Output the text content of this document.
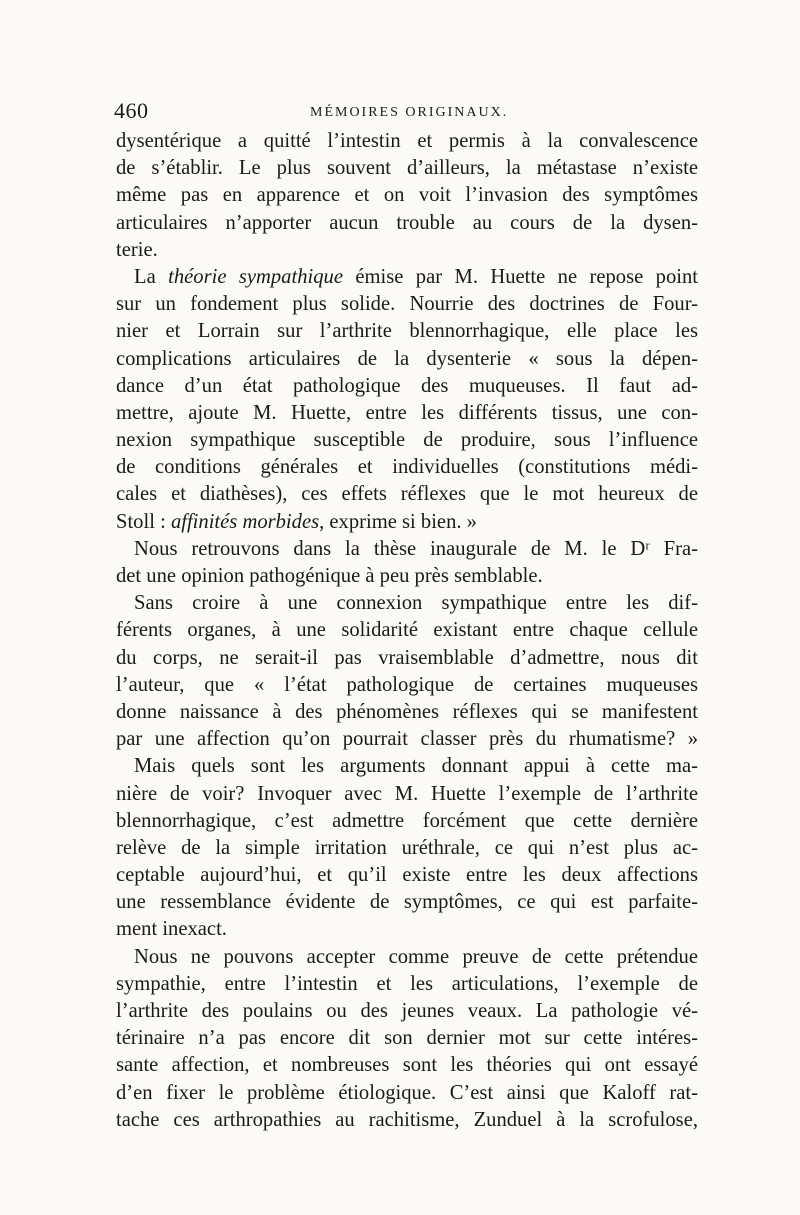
460	MÉMOIRES ORIGINAUX.
dysentérique a quitté l’intestin et permis à la convalescence
de s’établir. Le plus souvent d’ailleurs, la métastase n’existe
même pas en apparence et on voit l’invasion des symptômes
articulaires n’apporter aucun trouble au cours de la dysen-
terie.
La théorie sympathique émise par M. Huette ne repose point
sur un fondement plus solide. Nourrie des doctrines de Four-
nier et Lorrain sur l’arthrite blennorrhagique, elle place les
complications articulaires de la dysenterie « sous la dépen-
dance d’un état pathologique des muqueuses. Il faut ad-
mettre, ajoute M. Huette, entre les différents tissus, une con-
nexion sympathique susceptible de produire, sous l’influence
de conditions générales et individuelles (constitutions médi-
cales et diathèses), ces effets réflexes que le mot heureux de
Stoll : affinités morbides, exprime si bien. »
Nous retrouvons dans la thèse inaugurale de M. le Dʳ Fra-
det une opinion pathogénique à peu près semblable.
Sans croire à une connexion sympathique entre les dif-
férents organes, à une solidarité existant entre chaque cellule
du corps, ne serait-il pas vraisemblable d’admettre, nous dit
l’auteur, que « l’état pathologique de certaines muqueuses
donne naissance à des phénomènes réflexes qui se manifestent
par une affection qu’on pourrait classer près du rhumatisme? »
Mais quels sont les arguments donnant appui à cette ma-
nière de voir? Invoquer avec M. Huette l’exemple de l’arthrite
blennorrhagique, c’est admettre forcément que cette dernière
relève de la simple irritation uréthrale, ce qui n’est plus ac-
ceptable aujourd’hui, et qu’il existe entre les deux affections
une ressemblance évidente de symptômes, ce qui est parfaite-
ment inexact.
Nous ne pouvons accepter comme preuve de cette prétendue
sympathie, entre l’intestin et les articulations, l’exemple de
l’arthrite des poulains ou des jeunes veaux. La pathologie vé-
térinaire n’a pas encore dit son dernier mot sur cette intéres-
sante affection, et nombreuses sont les théories qui ont essayé
d’en fixer le problème étiologique. C’est ainsi que Kaloff rat-
tache ces arthropathies au rachitisme, Zunduel à la scrofulose,
